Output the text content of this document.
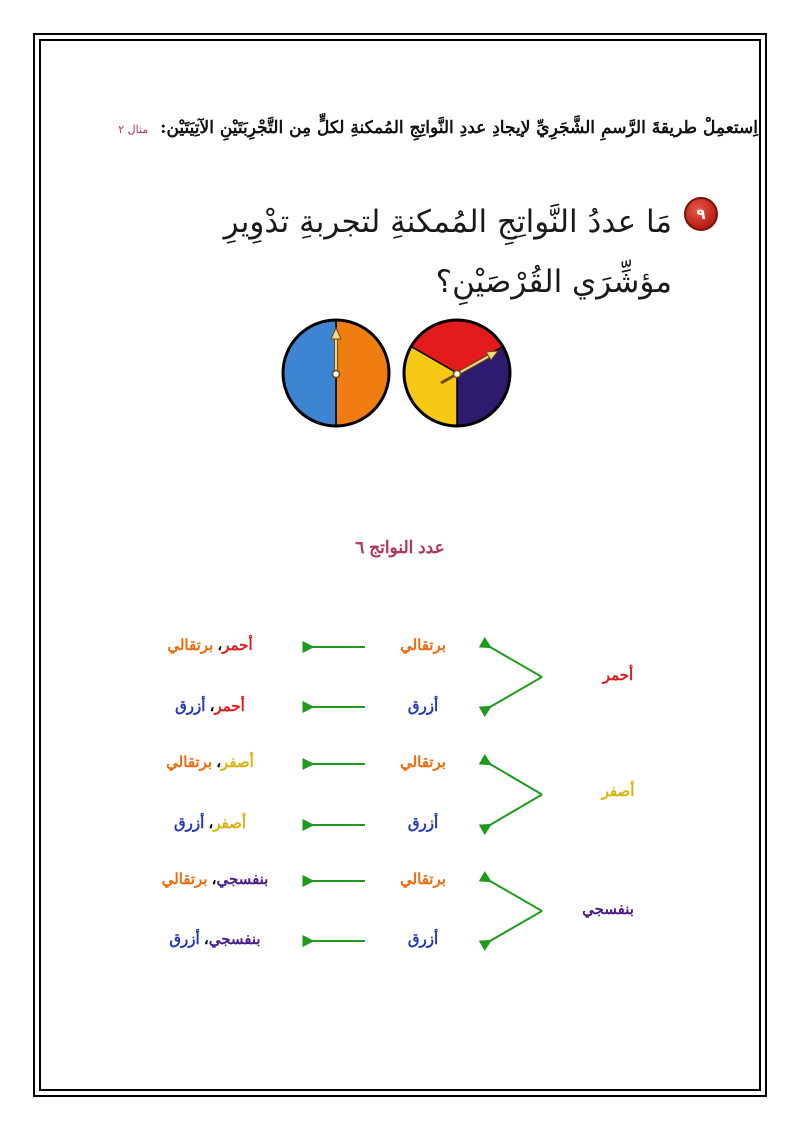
اِستعمِلْ طريقةَ الرَّسمِ الشَّجَرِيِّ لإيجادِ عددِ النَّواتِجِ المُمكنةِ لكلٍّ مِن التَّجْرِبَتَيْنِ الآتِيَتَيْن: مثال ٢
٩
مَا عددُ النَّواتِجِ المُمكنةِ لتجربةِ تدْوِيرِ مؤشِّرَي القُرْصَيْنِ؟
عدد النواتج ٦
أحمر
برتقالي
أزرق
أحمر، برتقالي
أحمر، أزرق
أصفر
برتقالي
أزرق
أصفر، برتقالي
أصفر، أزرق
بنفسجي
برتقالي
أزرق
بنفسجي، برتقالي
بنفسجي، أزرق
